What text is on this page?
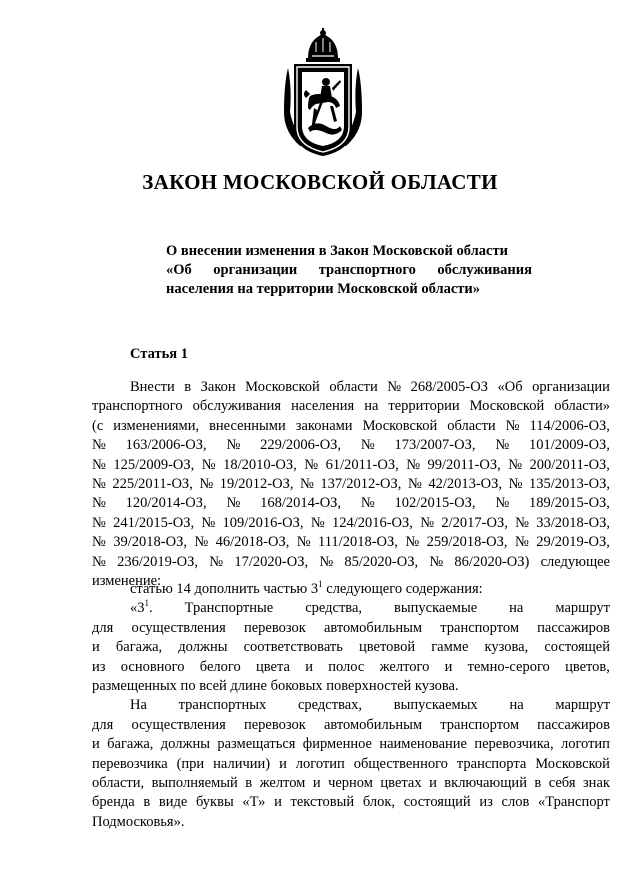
ЗАКОН МОСКОВСКОЙ ОБЛАСТИ
О внесении изменения в Закон Московской области
«Об организации транспортного обслуживания
населения на территории Московской области»
Статья 1
Внести в Закон Московской области № 268/2005-ОЗ «Об организации
транспортного обслуживания населения на территории Московской области»
(с изменениями, внесенными законами Московской области № 114/2006-ОЗ,
№ 163/2006-ОЗ, № 229/2006-ОЗ, № 173/2007-ОЗ, № 101/2009-ОЗ,
№ 125/2009-ОЗ, № 18/2010-ОЗ, № 61/2011-ОЗ, № 99/2011-ОЗ, № 200/2011-ОЗ,
№ 225/2011-ОЗ, № 19/2012-ОЗ, № 137/2012-ОЗ, № 42/2013-ОЗ, № 135/2013-ОЗ,
№ 120/2014-ОЗ, № 168/2014-ОЗ, № 102/2015-ОЗ, № 189/2015-ОЗ,
№ 241/2015-ОЗ, № 109/2016-ОЗ, № 124/2016-ОЗ, № 2/2017-ОЗ, № 33/2018-ОЗ,
№ 39/2018-ОЗ, № 46/2018-ОЗ, № 111/2018-ОЗ, № 259/2018-ОЗ, № 29/2019-ОЗ,
№ 236/2019-ОЗ, № 17/2020-ОЗ, № 85/2020-ОЗ, № 86/2020-ОЗ) следующее
изменение:
статью 14 дополнить частью $3^1$ следующего содержания:
«$3^1$. Транспортные средства, выпускаемые на маршрут
для осуществления перевозок автомобильным транспортом пассажиров
и багажа, должны соответствовать цветовой гамме кузова, состоящей
из основного белого цвета и полос желтого и темно-серого цветов,
размещенных по всей длине боковых поверхностей кузова.
На транспортных средствах, выпускаемых на маршрут
для осуществления перевозок автомобильным транспортом пассажиров
и багажа, должны размещаться фирменное наименование перевозчика, логотип
перевозчика (при наличии) и логотип общественного транспорта Московской
области, выполняемый в желтом и черном цветах и включающий в себя знак
бренда в виде буквы «Т» и текстовый блок, состоящий из слов «Транспорт
Подмосковья».
